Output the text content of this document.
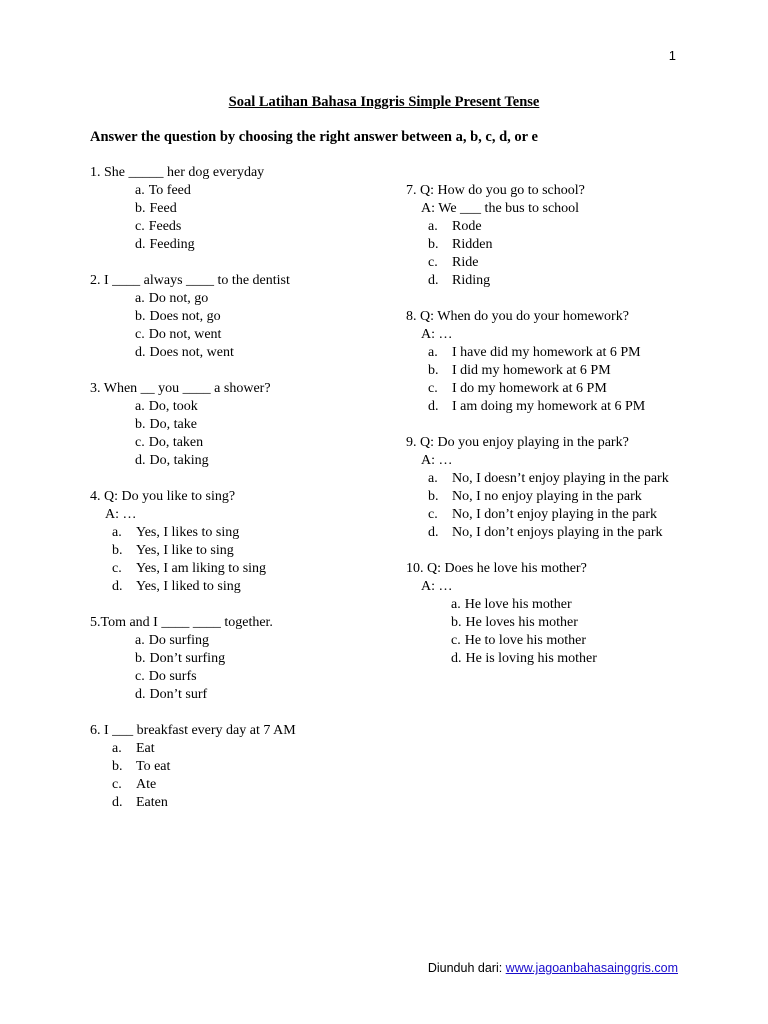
1
Soal Latihan Bahasa Inggris Simple Present Tense
Answer the question by choosing the right answer between a, b, c, d, or e
1. She _____ her dog everyday
a. To feed
b. Feed
c. Feeds
d. Feeding
2. I ____ always ____ to the dentist
a. Do not, go
b. Does not, go
c. Do not, went
d. Does not, went
3. When __ you ____ a shower?
a. Do, took
b. Do, take
c. Do, taken
d. Do, taking
4. Q: Do you like to sing?
A: …
a.	Yes, I likes to sing
b. Yes, I like to sing
c.	Yes, I am liking to sing
d. Yes, I liked to sing
5.Tom and I ____ ____ together.
a. Do surfing
b. Don’t surfing
c. Do surfs
d. Don’t surf
6. I ___ breakfast every day at 7 AM
a.	Eat
b. To eat
c.	Ate
d. Eaten
7. Q: How do you go to school?
A: We ___ the bus to school
a.	Rode
b. Ridden
c.	Ride
d. Riding
8. Q: When do you do your homework?
A: …
a.	I have did my homework at 6 PM
b. I did my homework at 6 PM
c.	I do my homework at 6 PM
d. I am doing my homework at 6 PM
9. Q: Do you enjoy playing in the park?
A: …
a.	No, I doesn’t enjoy playing in the park
b. No, I no enjoy playing in the park
c.	No, I don’t enjoy playing in the park
d. No, I don’t enjoys playing in the park
10. Q: Does he love his mother?
A: …
a. He love his mother
b. He loves his mother
c. He to love his mother
d. He is loving his mother
Diunduh dari: www.jagoanbahasainggris.com
